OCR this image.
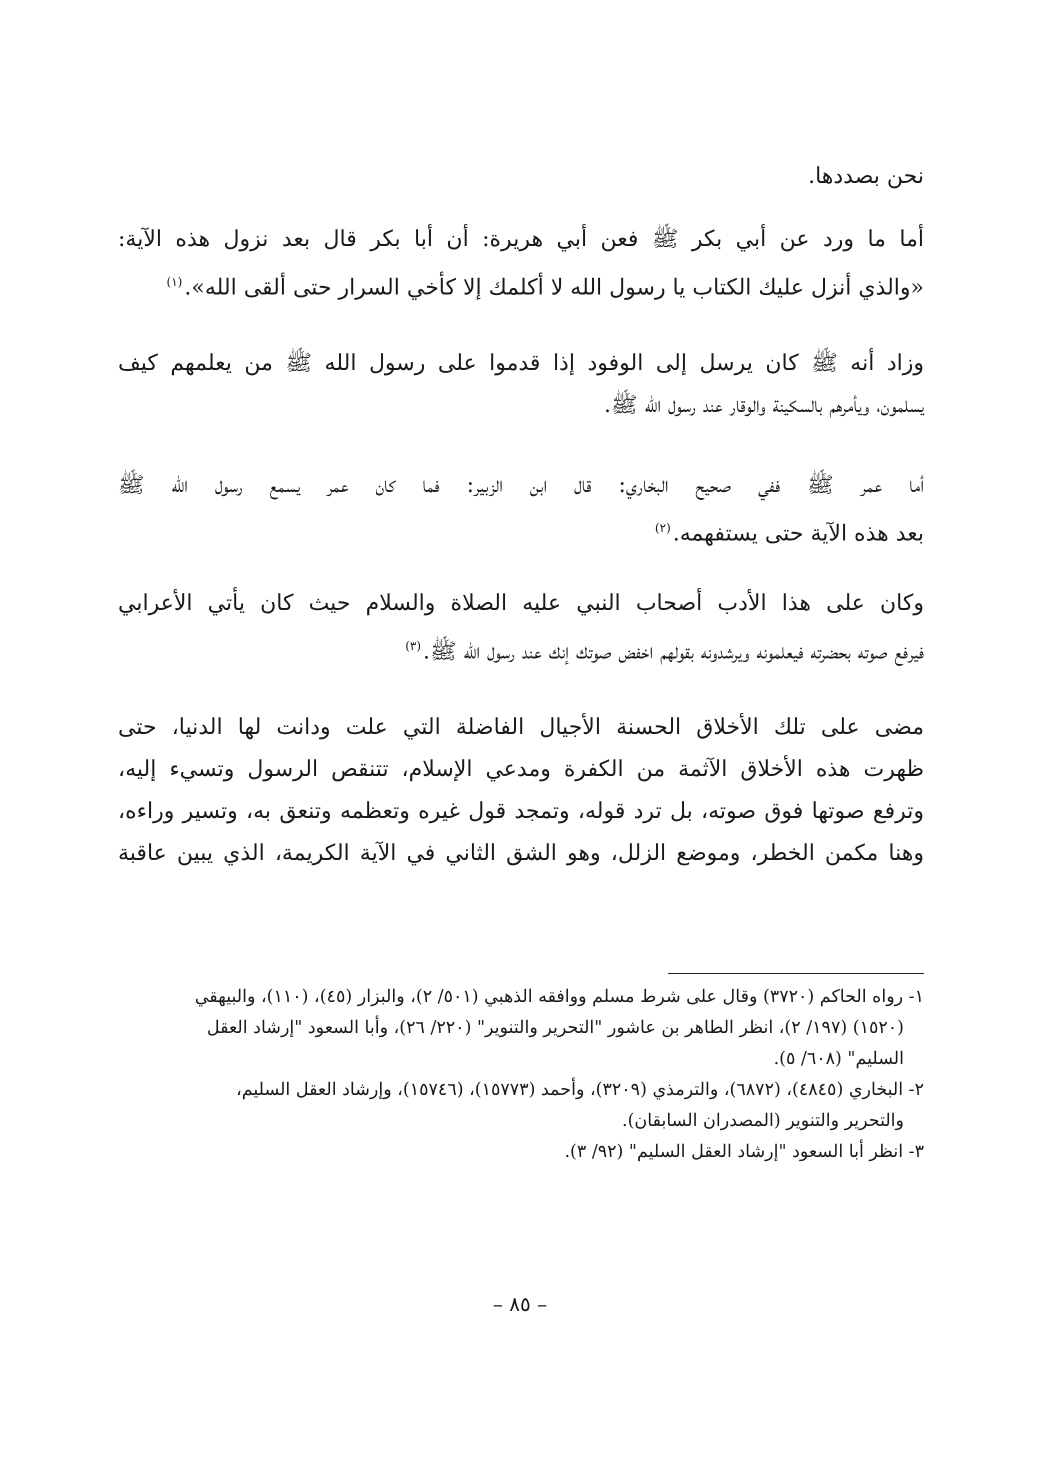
نحن بصددها.

أما ما ورد عن أبي بكر ﷺ فعن أبي هريرة: أن أبا بكر قال بعد نزول هذه الآية:

«والذي أنزل عليك الكتاب يا رسول الله لا أكلمك إلا كأخي السرار حتى ألقى الله».$^{(١)}$

وزاد أنه ﷺ كان يرسل إلى الوفود إذا قدموا على رسول الله ﷺ من يعلمهم كيف

يسلمون، ويأمرهم بالسكينة والوقار عند رسول الله ﷺ.

أما عمر ﷺ ففي صحيح البخاري: قال ابن الزبير: فما كان عمر يسمع رسول الله ﷺ

بعد هذه الآية حتى يستفهمه.$^{(٢)}$

وكان على هذا الأدب أصحاب النبي عليه الصلاة والسلام حيث كان يأتي الأعرابي

فيرفع صوته بحضرته فيعلمونه ويرشدونه بقولهم اخفض صوتك إنك عند رسول الله ﷺ.$^{(٣)}$

مضى على تلك الأخلاق الحسنة الأجيال الفاضلة التي علت ودانت لها الدنيا، حتى

ظهرت هذه الأخلاق الآثمة من الكفرة ومدعي الإسلام، تتنقص الرسول وتسيء إليه،

وترفع صوتها فوق صوته، بل ترد قوله، وتمجد قول غيره وتعظمه وتنعق به، وتسير وراءه،

وهنا مكمن الخطر، وموضع الزلل، وهو الشق الثاني في الآية الكريمة، الذي يبين عاقبة

١- رواه الحاكم (٣٧٢٠) وقال على شرط مسلم ووافقه الذهبي (٥٠١/ ٢)، والبزار (٤٥)، (١١٠)، والبيهقي

(١٥٢٠) (١٩٧/ ٢)، انظر الطاهر بن عاشور "التحرير والتنوير" (٢٢٠/ ٢٦)، وأبا السعود "إرشاد العقل

السليم" (٦٠٨/ ٥).

٢- البخاري (٤٨٤٥)، (٦٨٧٢)، والترمذي (٣٢٠٩)، وأحمد (١٥٧٧٣)، (١٥٧٤٦)، وإرشاد العقل السليم،

والتحرير والتنوير (المصدران السابقان).

٣- انظر أبا السعود "إرشاد العقل السليم" (٩٢/ ٣).

– ٨٥ –
